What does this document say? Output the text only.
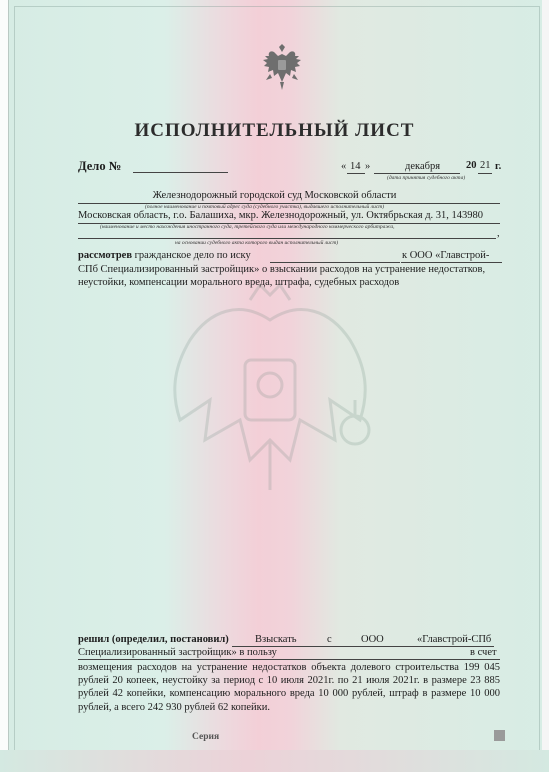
ИСПОЛНИТЕЛЬНЫЙ ЛИСТ
Дело №	« 14 »	декабря 20 21 г.
(дата принятия судебного акта)
Железнодорожный городской суд Московской области
(полное наименование и почтовый адрес суда (судебного участка), выдавшего исполнительный лист)
Московская область, г.о. Балашиха, мкр. Железнодорожный, ул. Октябрьская д. 31, 143980
(наименование и место нахождения иностранного суда, третейского суда или международного коммерческого арбитража,
,
на основании судебного акта которого выдан исполнительный лист)
рассмотрев гражданское дело по иску	к ООО «Главстрой-
СПб Специализированный застройщик» о взыскании расходов на устранение недостатков, неустойки, компенсации морального вреда, штрафа, судебных расходов
решил (определил, постановил)	Взыскать	с	ООО	«Главстрой-СПб
Специализированный застройщик» в пользу	в счет
возмещения расходов на устранение недостатков объекта долевого строительства 199 045 рублей 20 копеек, неустойку за период с 10 июля 2021г. по 21 июля 2021г. в размере 23 885 рублей 42 копейки, компенсацию морального вреда 10 000 рублей, штраф в размере 10 000 рублей, а всего 242 930 рублей 62 копейки.
Серия
